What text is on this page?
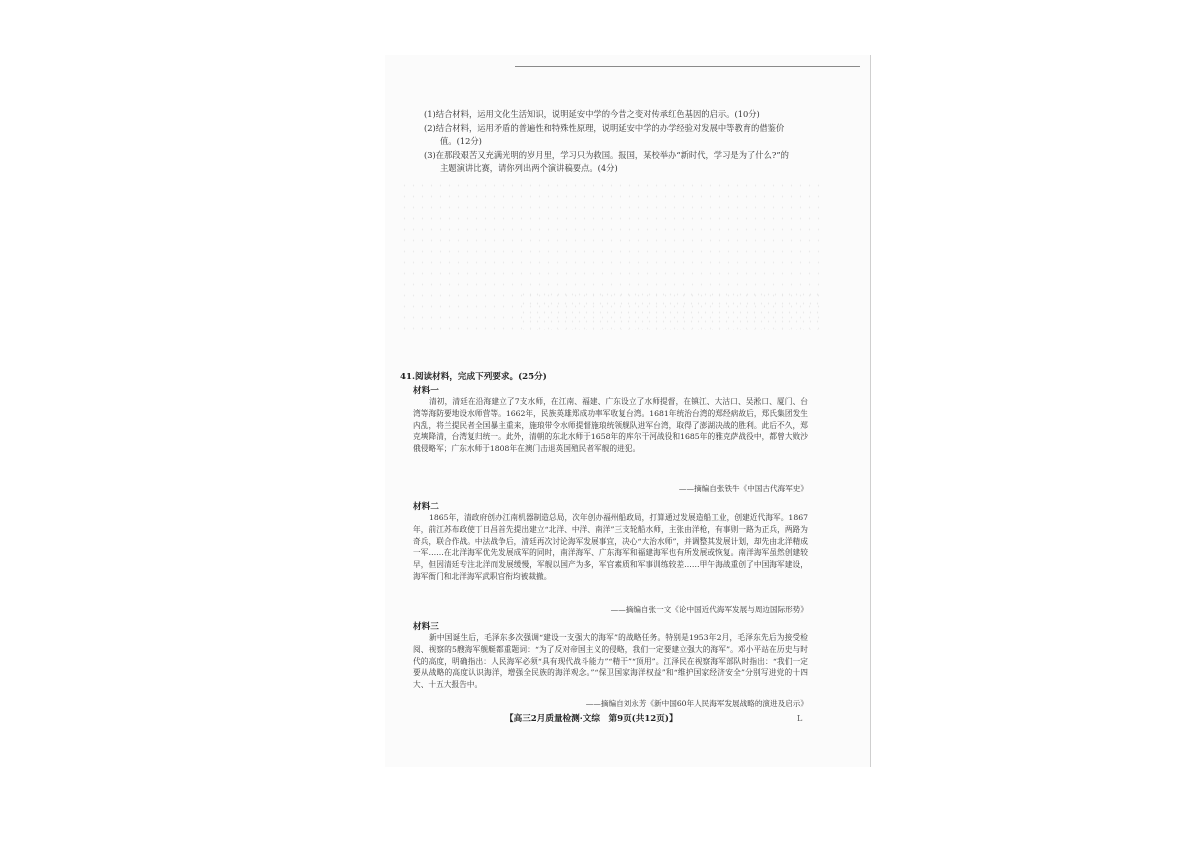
(1)结合材料，运用文化生活知识，说明延安中学的今昔之变对传承红色基因的启示。(10分)
(2)结合材料，运用矛盾的普遍性和特殊性原理，说明延安中学的办学经验对发展中等教育的借鉴价
值。(12分)
(3)在那段艰苦又充满光明的岁月里，学习只为救国。报国，某校举办“新时代，学习是为了什么?”的
主题演讲比赛，请你列出两个演讲稿要点。(4分)
41.阅读材料，完成下列要求。(25分)
材料一

清初，清廷在沿海建立了7支水师，在江南、福建、广东设立了水师提督，在镇江、大沽口、吴淞口、厦门、台湾等海防要地设水师营等。1662年，民族英雄郑成功率军收复台湾。1681年统治台湾的郑经病故后，郑氏集团发生内乱，将兰提民者全国暴主重来，施琅带令水师提督施琅统领舰队进军台湾，取得了澎湖决战的胜利。此后不久，郑克塽降清，台湾复归统一。此外，清朝的东北水师于1658年的库尔干河战役和1685年的雅克萨战役中，都曾大败沙俄侵略军；广东水师于1808年在澳门击退英国殖民者军舰的进犯。

——摘编自张铁牛《中国古代海军史》
材料二

1865年，清政府创办江南机器制造总局，次年创办福州船政局，打算通过发展造船工业，创建近代海军。1867年，前江苏布政使丁日昌首先提出建立“北洋、中洋、南洋”三支轮船水师，主张由洋枪，有事则一路为正兵，两路为奇兵，联合作战。中法战争后，清廷再次讨论海军发展事宜，决心“大治水师”，并调整其发展计划，却先由北洋精成一军……在北洋海军优先发展成军的同时，南洋海军、广东海军和福建海军也有所发展或恢复。南洋海军虽然创建较早，但因清廷专注北洋而发展缓慢，军舰以国产为多，军官素质和军事训练较差……甲午海战重创了中国海军建设，海军衙门和北洋海军武职官衔均被裁撤。

——摘编自张一文《论中国近代海军发展与周边国际形势》
材料三

新中国诞生后，毛泽东多次强调“建设一支强大的海军”的战略任务。特别是1953年2月，毛泽东先后为接受检阅、视察的5艘海军舰艇都重题词：“为了反对帝国主义的侵略，我们一定要建立强大的海军”。邓小平站在历史与时代的高度，明确指出：人民海军必须“具有现代战斗能力”“精干”“顶用”。江泽民在视察海军部队时指出：“我们一定要从战略的高度认识海洋，增强全民族的海洋观念。”“保卫国家海洋权益”和“维护国家经济安全”分别写进党的十四大、十五大报告中。

——摘编自刘永芳《新中国60年人民海军发展战略的演进及启示》
【高三2月质量检测·文综　第9页(共12页)】	L
